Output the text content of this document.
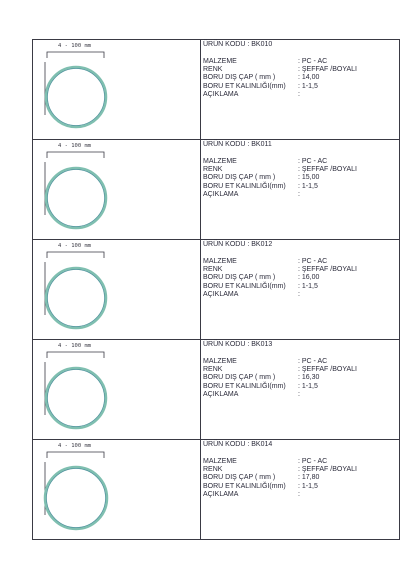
4 - 100 mm	ÜRÜN KODU : BK010
MALZEME	: PC - AC
RENK	: ŞEFFAF /BOYALI
BORU DIŞ ÇAP ( mm )	: 14,00
BORU ET KALINLIĞI(mm)	: 1-1,5
AÇIKLAMA	:
4 - 100 mm	ÜRÜN KODU : BK011
MALZEME	: PC - AC
RENK	: ŞEFFAF /BOYALI
BORU DIŞ ÇAP ( mm )	: 15,00
BORU ET KALINLIĞI(mm)	: 1-1,5
AÇIKLAMA	:
4 - 100 mm	ÜRÜN KODU : BK012
MALZEME	: PC - AC
RENK	: ŞEFFAF /BOYALI
BORU DIŞ ÇAP ( mm )	: 16,00
BORU ET KALINLIĞI(mm)	: 1-1,5
AÇIKLAMA	:
4 - 100 mm	ÜRÜN KODU : BK013
MALZEME	: PC - AC
RENK	: ŞEFFAF /BOYALI
BORU DIŞ ÇAP ( mm )	: 16,30
BORU ET KALINLIĞI(mm)	: 1-1,5
AÇIKLAMA	:
4 - 100 mm	ÜRÜN KODU : BK014
MALZEME	: PC - AC
RENK	: ŞEFFAF /BOYALI
BORU DIŞ ÇAP ( mm )	: 17,80
BORU ET KALINLIĞI(mm)	: 1-1,5
AÇIKLAMA	:
